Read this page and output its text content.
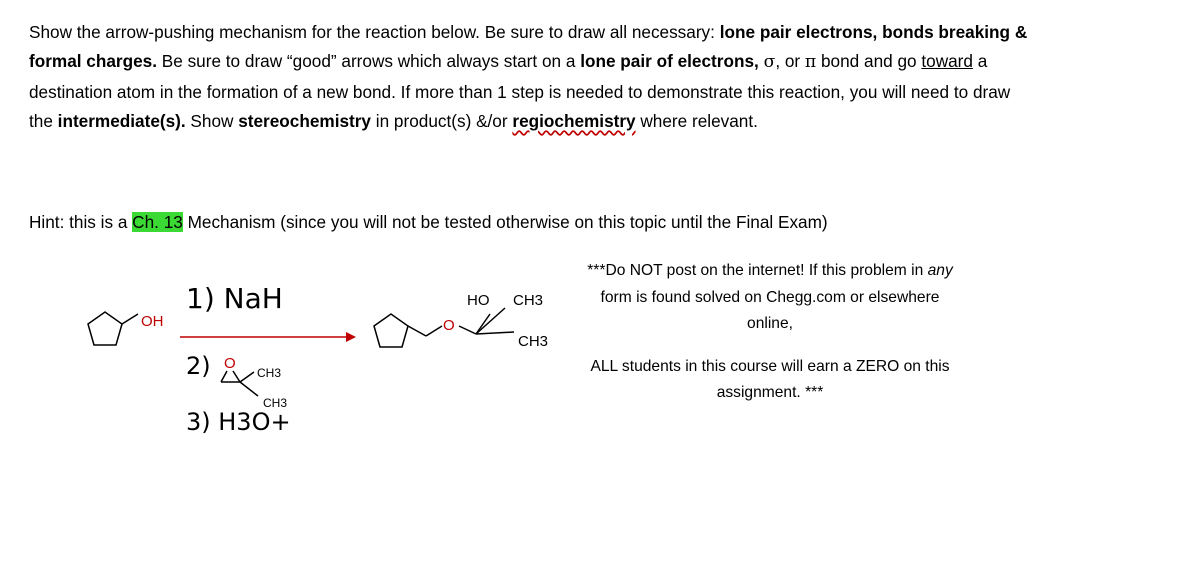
Show the arrow-pushing mechanism for the reaction below. Be sure to draw all necessary: lone pair electrons, bonds breaking & formal charges. Be sure to draw “good” arrows which always start on a lone pair of electrons, σ, or π bond and go toward a destination atom in the formation of a new bond. If more than 1 step is needed to demonstrate this reaction, you will need to draw the intermediate(s). Show stereochemistry in product(s) &/or regiochemistry where relevant.
Hint: this is a Ch. 13 Mechanism (since you will not be tested otherwise on this topic until the Final Exam)

***Do NOT post on the internet! If this problem in any form is found solved on Chegg.com or elsewhere online,

ALL students in this course will earn a ZERO on this assignment. ***

OH
1) NaH
2) O
CH3
CH3
3) H3O+
O
HO CH3
CH3
